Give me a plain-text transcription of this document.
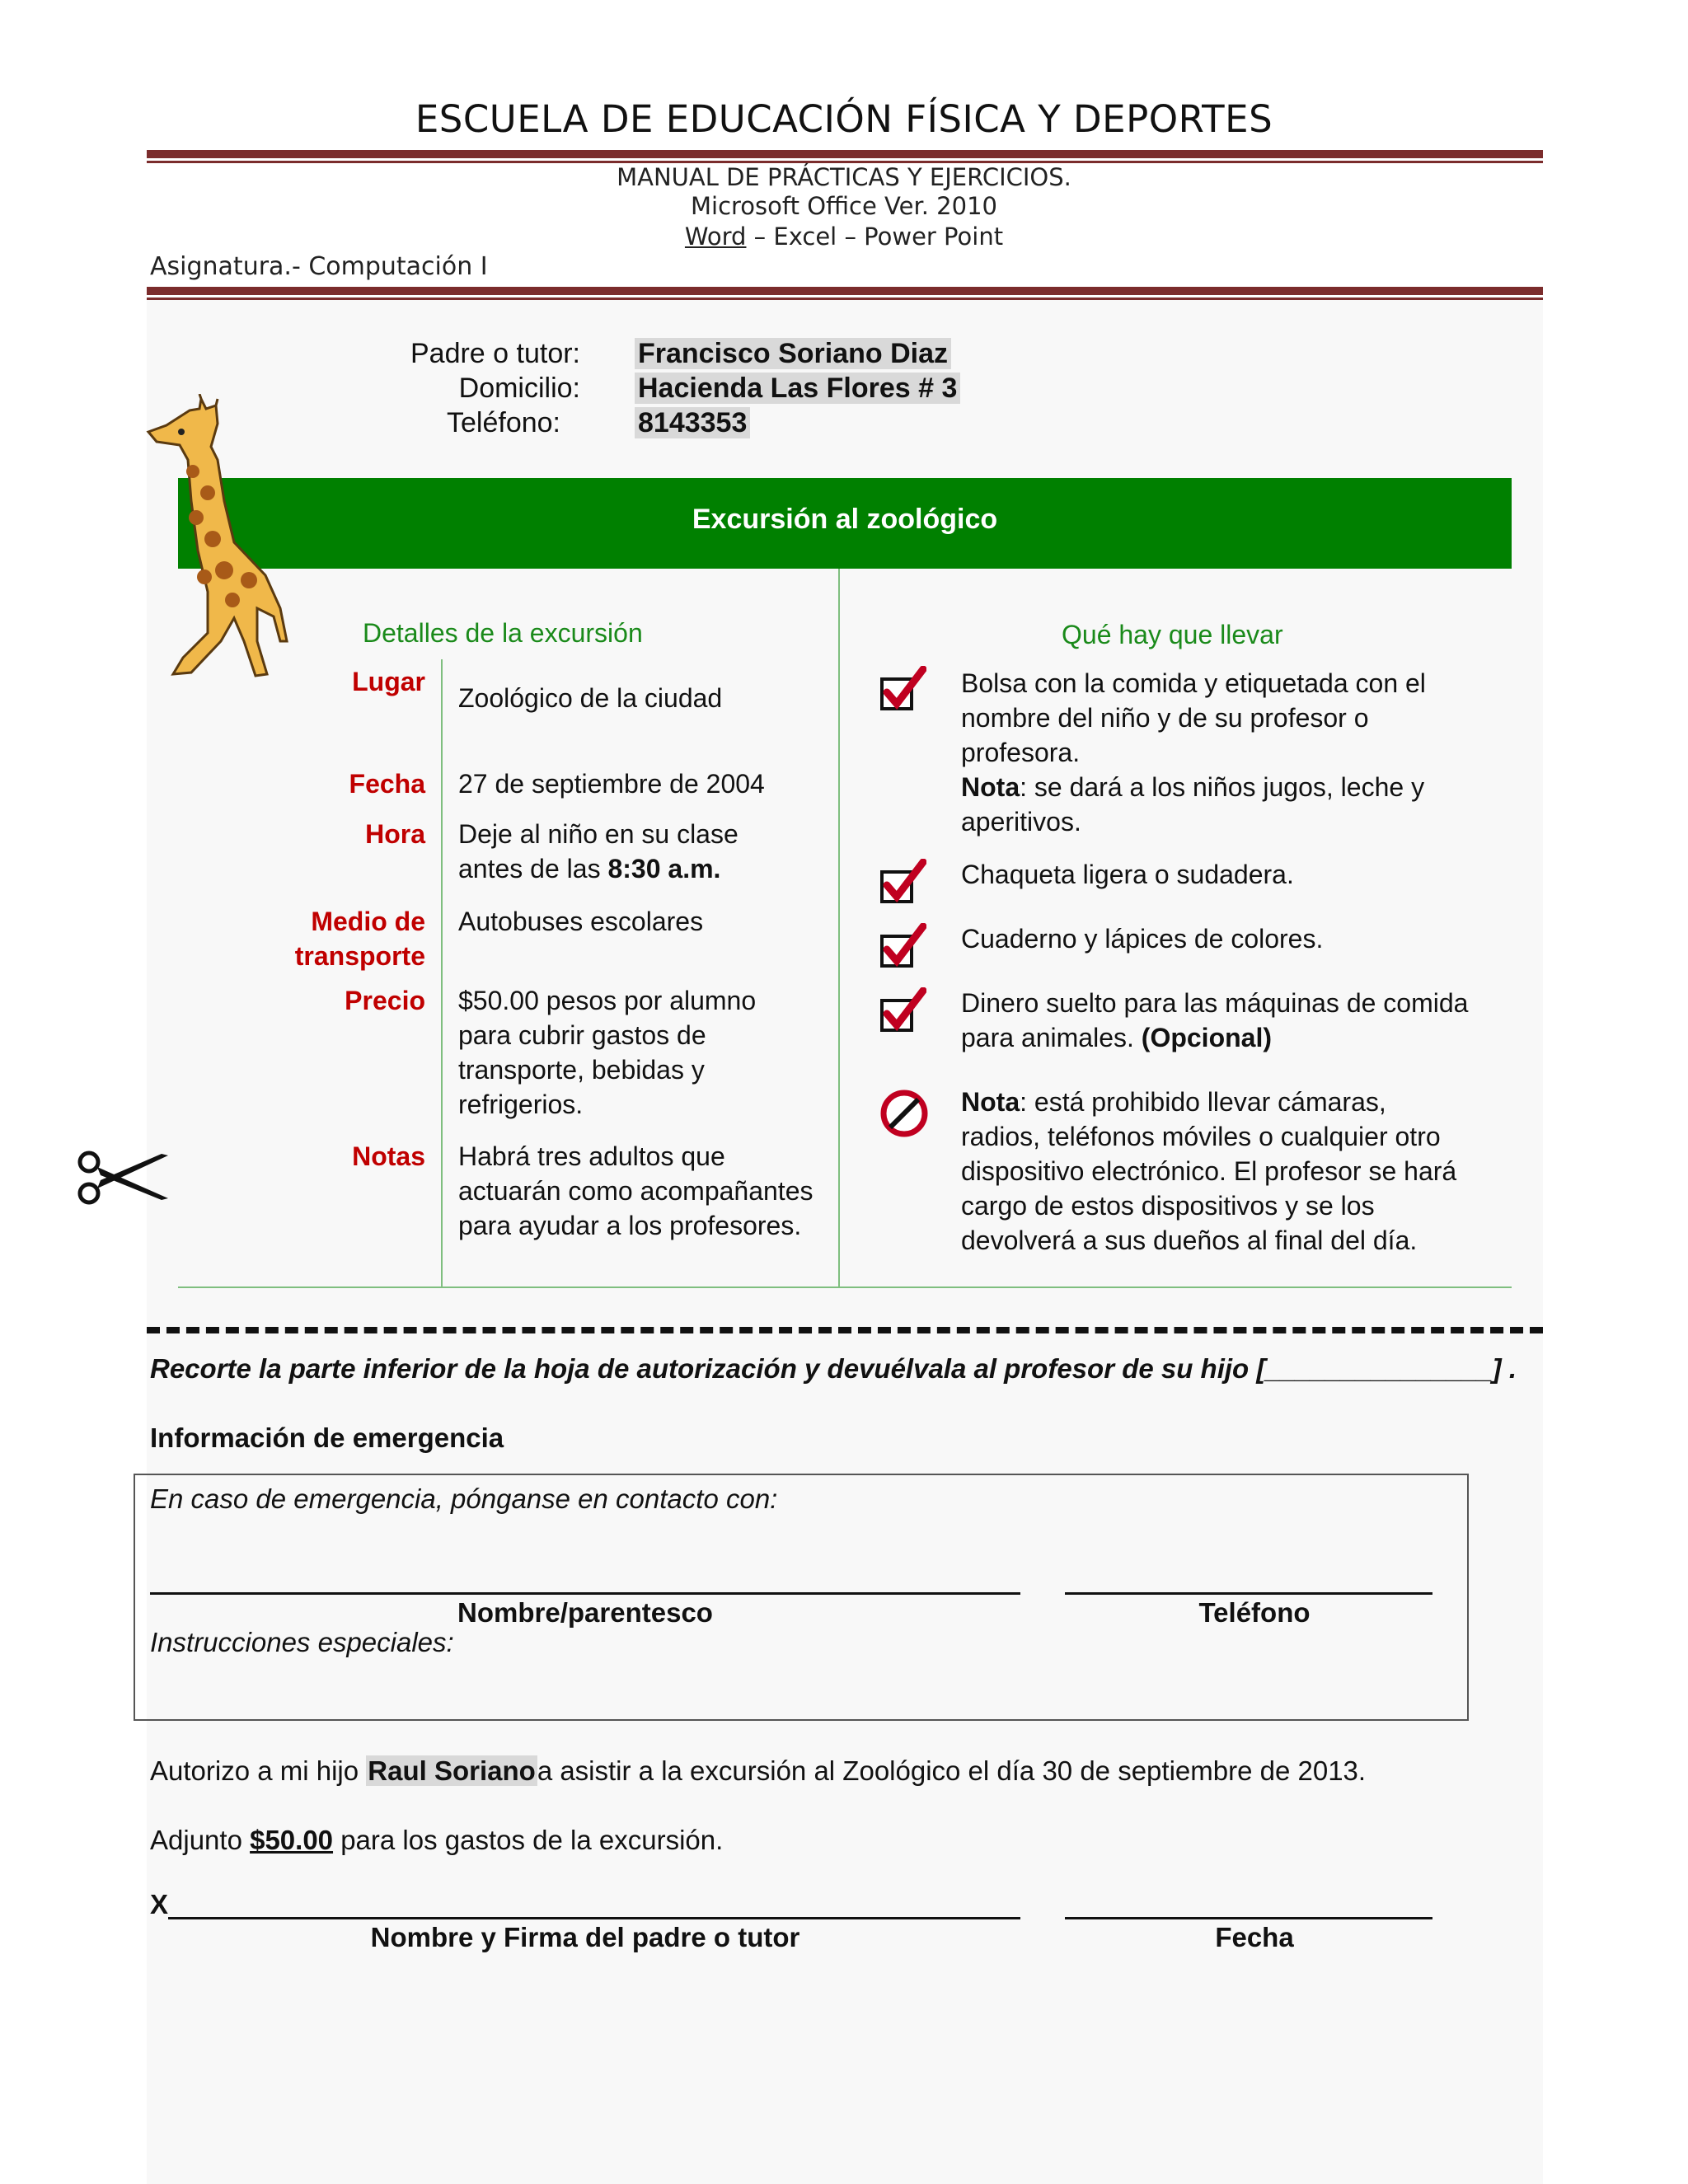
ESCUELA DE EDUCACIÓN FÍSICA Y DEPORTES
MANUAL DE PRÁCTICAS Y EJERCICIOS.
Microsoft Office Ver. 2010
Word – Excel – Power Point
Asignatura.- Computación I
Padre o tutor:
Domicilio:
Teléfono:
Francisco Soriano Diaz
Hacienda Las Flores # 3
8143353
Excursión al zoológico
Detalles de la excursión
Lugar
Zoológico de la ciudad
Fecha 27 de septiembre de 2004
Hora Deje al niño en su clase antes de las 8:30 a.m.
Medio de transporte
Autobuses escolares
Precio $50.00 pesos por alumno para cubrir gastos de transporte, bebidas y refrigerios.
Notas Habrá tres adultos que actuarán como acompañantes para ayudar a los profesores.
Qué hay que llevar
Bolsa con la comida y etiquetada con el nombre del niño y de su profesor o profesora.
Nota: se dará a los niños jugos, leche y aperitivos.
Chaqueta ligera o sudadera.
Cuaderno y lápices de colores.
Dinero suelto para las máquinas de comida para animales. (Opcional)
Nota: está prohibido llevar cámaras, radios, teléfonos móviles o cualquier otro dispositivo electrónico. El profesor se hará cargo de estos dispositivos y se los devolverá a sus dueños al final del día.
Recorte la parte inferior de la hoja de autorización y devuélvala al profesor de su hijo [_______________] .
Información de emergencia
En caso de emergencia, pónganse en contacto con:
Nombre/parentesco	Teléfono
Instrucciones especiales:
Autorizo a mi hijo Raul Sorianoa asistir a la excursión al Zoológico el día 30 de septiembre de 2013.
Adjunto $50.00 para los gastos de la excursión.
X
Nombre y Firma del padre o tutor	Fecha
